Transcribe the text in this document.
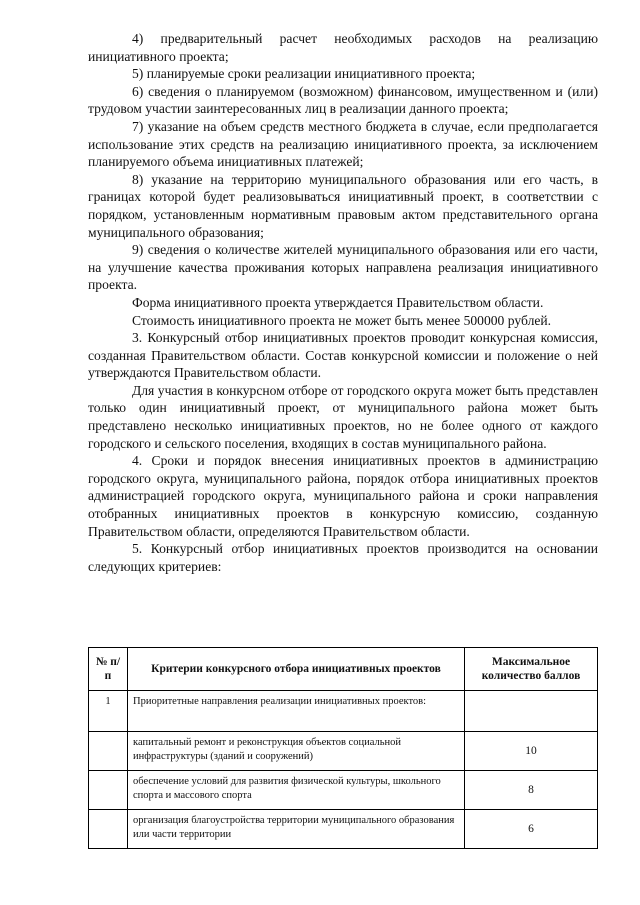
4) предварительный расчет необходимых расходов на реализацию инициативного проекта;

5) планируемые сроки реализации инициативного проекта;

6) сведения о планируемом (возможном) финансовом, имущественном и (или) трудовом участии заинтересованных лиц в реализации данного проекта;

7) указание на объем средств местного бюджета в случае, если предполагается использование этих средств на реализацию инициативного проекта, за исключением планируемого объема инициативных платежей;

8) указание на территорию муниципального образования или его часть, в границах которой будет реализовываться инициативный проект, в соответствии с порядком, установленным нормативным правовым актом представительного органа муниципального образования;

9) сведения о количестве жителей муниципального образования или его части, на улучшение качества проживания которых направлена реализация инициативного проекта.

Форма инициативного проекта утверждается Правительством области.

Стоимость инициативного проекта не может быть менее 500000 рублей.

3. Конкурсный отбор инициативных проектов проводит конкурсная комиссия, созданная Правительством области. Состав конкурсной комиссии и положение о ней утверждаются Правительством области.

Для участия в конкурсном отборе от городского округа может быть представлен только один инициативный проект, от муниципального района может быть представлено несколько инициативных проектов, но не более одного от каждого городского и сельского поселения, входящих в состав муниципального района.

4. Сроки и порядок внесения инициативных проектов в администрацию городского округа, муниципального района, порядок отбора инициативных проектов администрацией городского округа, муниципального района и сроки направления отобранных инициативных проектов в конкурсную комиссию, созданную Правительством области, определяются Правительством области.

5. Конкурсный отбор инициативных проектов производится на основании следующих критериев:

№ п/п	Критерии конкурсного отбора инициативных проектов	Максимальное количество баллов
1	Приоритетные направления реализации инициативных проектов:	
	капитальный ремонт и реконструкция объектов социальной инфраструктуры (зданий и сооружений)	10
	обеспечение условий для развития физической культуры, школьного спорта и массового спорта	8
	организация благоустройства территории муниципального образования или части территории	6
